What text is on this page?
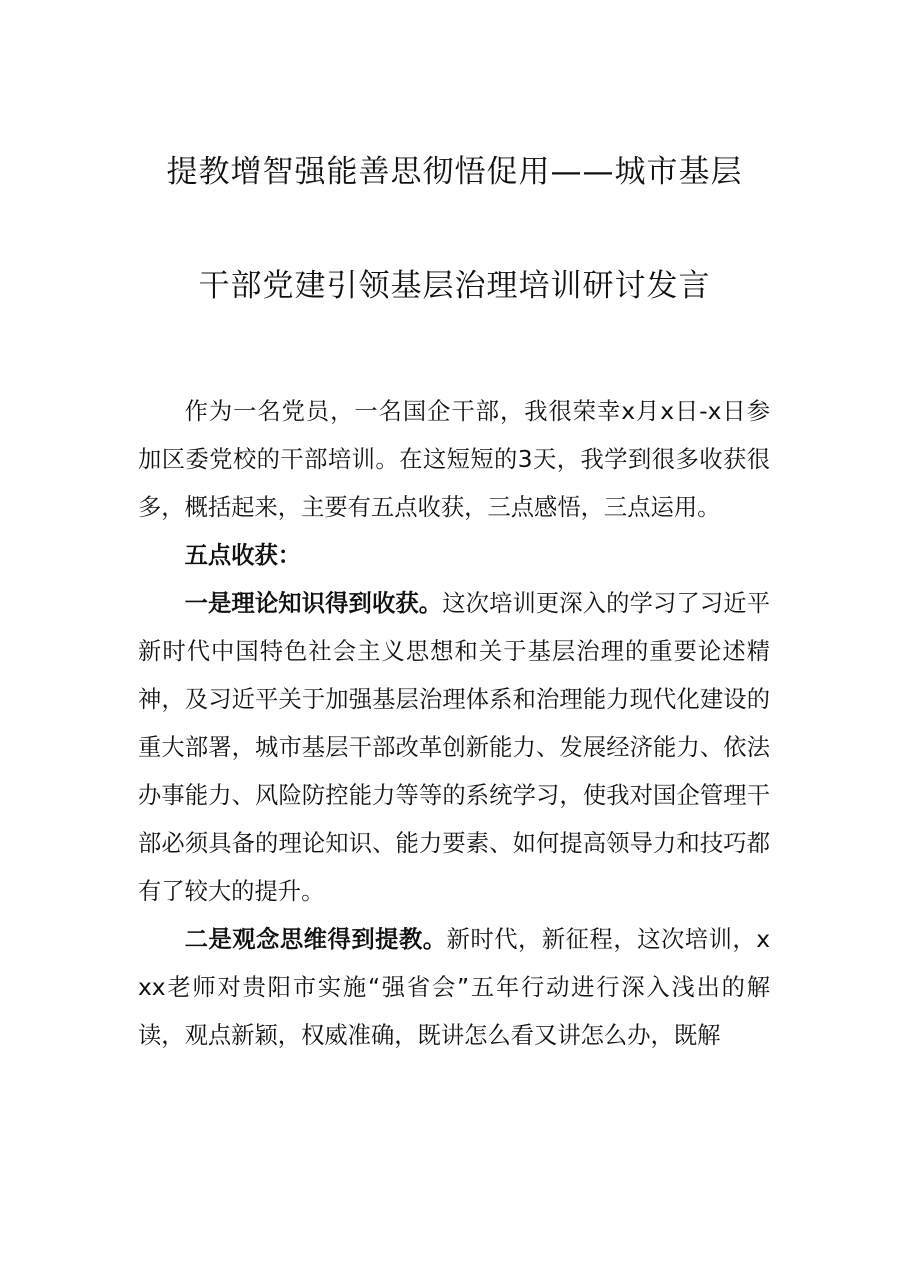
提教增智强能善思彻悟促用——城市基层
干部党建引领基层治理培训研讨发言

作为一名党员，一名国企干部，我很荣幸x月x日-x日参加区委党校的干部培训。在这短短的3天，我学到很多收获很多，概括起来，主要有五点收获，三点感悟，三点运用。

五点收获：

一是理论知识得到收获。这次培训更深入的学习了习近平新时代中国特色社会主义思想和关于基层治理的重要论述精神，及习近平关于加强基层治理体系和治理能力现代化建设的重大部署，城市基层干部改革创新能力、发展经济能力、依法办事能力、风险防控能力等等的系统学习，使我对国企管理干部必须具备的理论知识、能力要素、如何提高领导力和技巧都有了较大的提升。

二是观念思维得到提教。新时代，新征程，这次培训，xxx老师对贵阳市实施“强省会”五年行动进行深入浅出的解读，观点新颖，权威准确，既讲怎么看又讲怎么办，既解
